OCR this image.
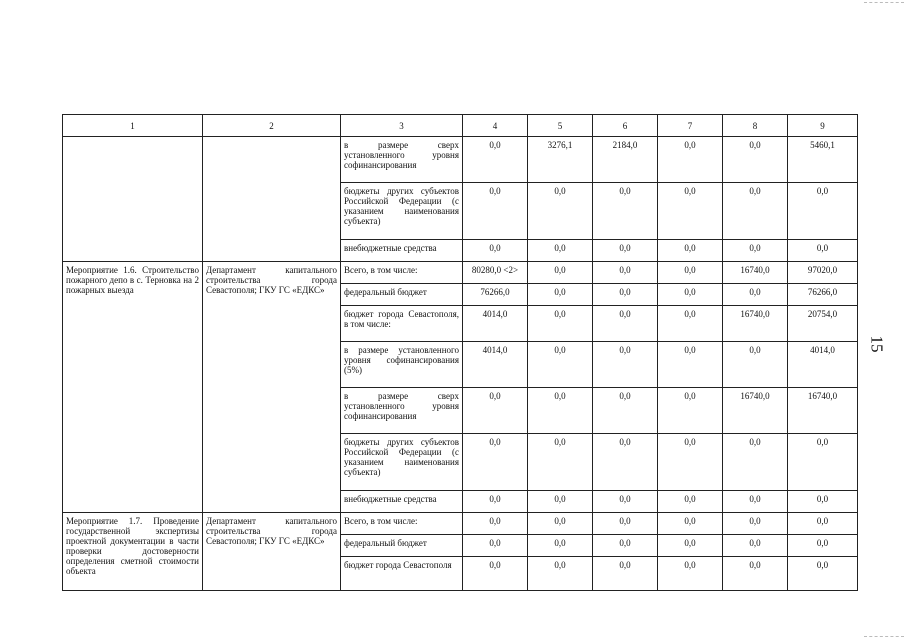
15
1	2	3	4	5	6	7	8	9
		в размере сверх установленного уровня софинансирования	0,0	3276,1	2184,0	0,0	0,0	5460,1
		бюджеты других субъектов Российской Федерации (с указанием наименования субъекта)	0,0	0,0	0,0	0,0	0,0	0,0
		внебюджетные средства	0,0	0,0	0,0	0,0	0,0	0,0
Мероприятие 1.6. Строительство пожарного депо в с. Терновка на 2 пожарных выезда	Департамент капитального строительства города Севастополя; ГКУ ГС «ЕДКС»	Всего, в том числе:	80280,0 <2>	0,0	0,0	0,0	16740,0	97020,0
		федеральный бюджет	76266,0	0,0	0,0	0,0	0,0	76266,0
		бюджет города Севастополя, в том числе:	4014,0	0,0	0,0	0,0	16740,0	20754,0
		в размере установленного уровня софинансирования (5%)	4014,0	0,0	0,0	0,0	0,0	4014,0
		в размере сверх установленного уровня софинансирования	0,0	0,0	0,0	0,0	16740,0	16740,0
		бюджеты других субъектов Российской Федерации (с указанием наименования субъекта)	0,0	0,0	0,0	0,0	0,0	0,0
		внебюджетные средства	0,0	0,0	0,0	0,0	0,0	0,0
Мероприятие 1.7. Проведение государственной экспертизы проектной документации в части проверки достоверности определения сметной стоимости объекта	Департамент капитального строительства города Севастополя; ГКУ ГС «ЕДКС»	Всего, в том числе:	0,0	0,0	0,0	0,0	0,0	0,0
		федеральный бюджет	0,0	0,0	0,0	0,0	0,0	0,0
		бюджет города Севастополя	0,0	0,0	0,0	0,0	0,0	0,0
